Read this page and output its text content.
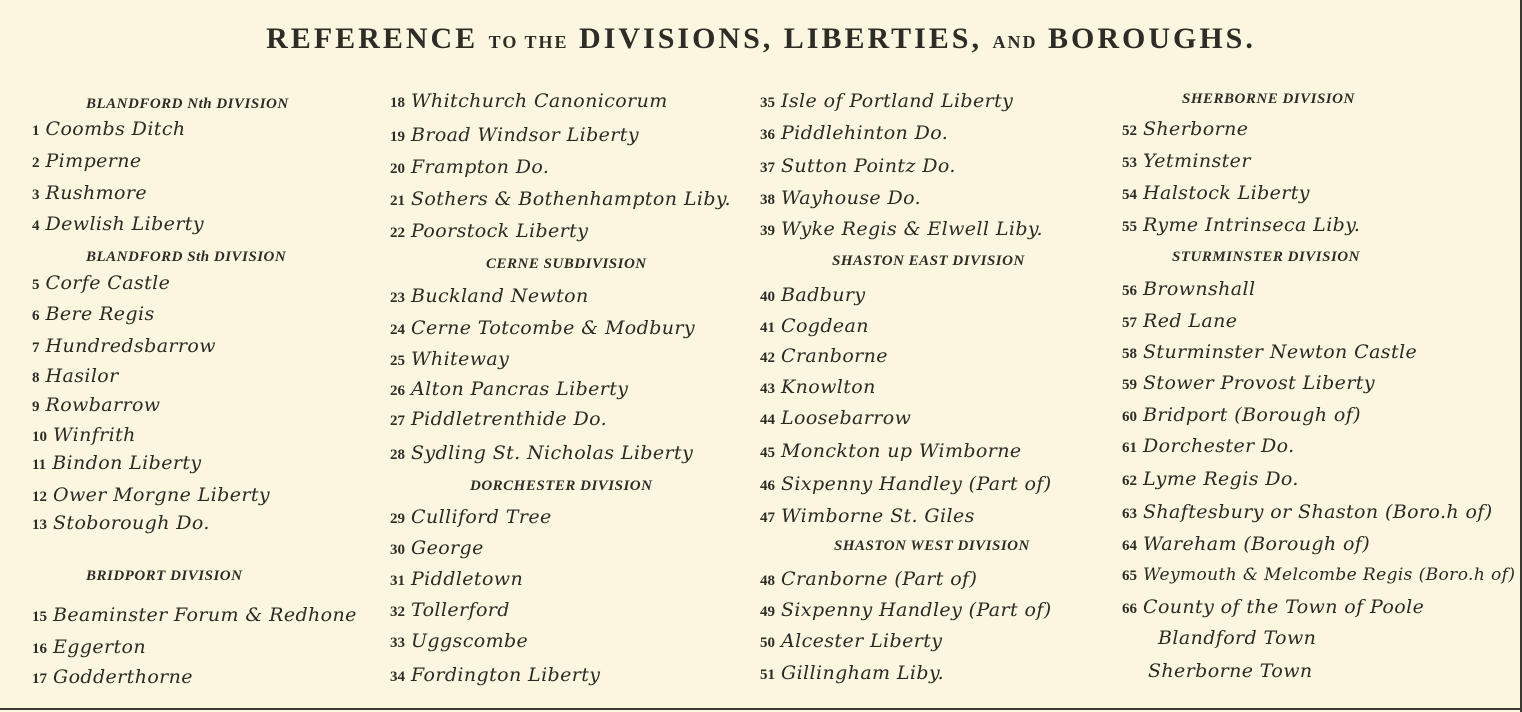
REFERENCE TO THE DIVISIONS, LIBERTIES, AND BOROUGHS.
BLANDFORD Nth DIVISION
1 Coombs Ditch
2 Pimperne
3 Rushmore
4 Dewlish Liberty
BLANDFORD Sth DIVISION
5 Corfe Castle
6 Bere Regis
7 Hundredsbarrow
8 Hasilor
9 Rowbarrow
10 Winfrith
11 Bindon Liberty
12 Ower Morgne Liberty
13 Stoborough Do.
BRIDPORT DIVISION
15 Beaminster Forum & Redhone
16 Eggerton
17 Godderthorne
18 Whitchurch Canonicorum
19 Broad Windsor Liberty
20 Frampton Do.
21 Sothers & Bothenhampton Liby.
22 Poorstock Liberty
CERNE SUBDIVISION
23 Buckland Newton
24 Cerne Totcombe & Modbury
25 Whiteway
26 Alton Pancras Liberty
27 Piddletrenthide Do.
28 Sydling St. Nicholas Liberty
DORCHESTER DIVISION
29 Culliford Tree
30 George
31 Piddletown
32 Tollerford
33 Uggscombe
34 Fordington Liberty
35 Isle of Portland Liberty
36 Piddlehinton Do.
37 Sutton Pointz Do.
38 Wayhouse Do.
39 Wyke Regis & Elwell Liby.
SHASTON EAST DIVISION
40 Badbury
41 Cogdean
42 Cranborne
43 Knowlton
44 Loosebarrow
45 Monckton up Wimborne
46 Sixpenny Handley (Part of)
47 Wimborne St. Giles
SHASTON WEST DIVISION
48 Cranborne (Part of)
49 Sixpenny Handley (Part of)
50 Alcester Liberty
51 Gillingham Liby.
SHERBORNE DIVISION
52 Sherborne
53 Yetminster
54 Halstock Liberty
55 Ryme Intrinseca Liby.
STURMINSTER DIVISION
56 Brownshall
57 Red Lane
58 Sturminster Newton Castle
59 Stower Provost Liberty
60 Bridport (Borough of)
61 Dorchester Do.
62 Lyme Regis Do.
63 Shaftesbury or Shaston (Boro.h of)
64 Wareham (Borough of)
65 Weymouth & Melcombe Regis (Boro.h of)
66 County of the Town of Poole
Blandford Town
Sherborne Town
